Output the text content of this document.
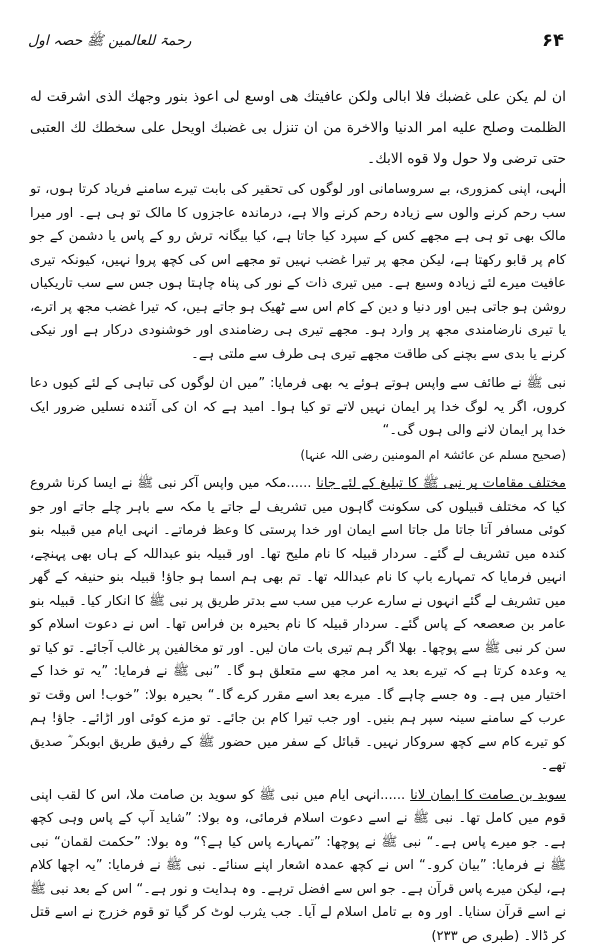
۶۴
رحمۃ للعالمین ﷺ حصہ اول

ان لم يكن على غضبك فلا ابالى ولكن عافيتك هى اوسع لى اعوذ بنور وجهك الذى اشرقت له الظلمت وصلح عليه امر الدنيا والاخرة من ان تنزل بى غضبك اويحل على سخطك لك العتبى حتى ترضى ولا حول ولا قوه الابك۔

الٰہی، اپنی کمزوری، بے سروسامانی اور لوگوں کی تحقیر کی بابت تیرے سامنے فریاد کرتا ہوں، تو سب رحم کرنے والوں سے زیادہ رحم کرنے والا ہے، درماندہ عاجزوں کا مالک تو ہی ہے۔ اور میرا مالک بھی تو ہی ہے مجھے کس کے سپرد کیا جاتا ہے، کیا بیگانہ ترش رو کے پاس یا دشمن کے جو کام پر قابو رکھتا ہے، لیکن مجھ پر تیرا غضب نہیں تو مجھے اس کی کچھ پروا نہیں، کیونکہ تیری عافیت میرے لئے زیادہ وسیع ہے۔ میں تیری ذات کے نور کی پناہ چاہتا ہوں جس سے سب تاریکیاں روشن ہو جاتی ہیں اور دنیا و دین کے کام اس سے ٹھیک ہو جاتے ہیں، کہ تیرا غضب مجھ پر اترے، یا تیری نارضامندی مجھ پر وارد ہو۔ مجھے تیری ہی رضامندی اور خوشنودی درکار ہے اور نیکی کرنے یا بدی سے بچنے کی طاقت مجھے تیری ہی طرف سے ملتی ہے۔

نبی ﷺ نے طائف سے واپس ہوتے ہوئے یہ بھی فرمایا: ”میں ان لوگوں کی تباہی کے لئے کیوں دعا کروں، اگر یہ لوگ خدا پر ایمان نہیں لاتے تو کیا ہوا۔ امید ہے کہ ان کی آئندہ نسلیں ضرور ایک خدا پر ایمان لانے والی ہوں گی۔“

(صحیح مسلم عن عائشۃ ام المومنین رضی اللہ عنہا)

مختلف مقامات پر نبی ﷺ کا تبلیغ کے لئے جانا ......مکہ میں واپس آکر نبی ﷺ نے ایسا کرنا شروع کیا کہ مختلف قبیلوں کی سکونت گاہوں میں تشریف لے جاتے یا مکہ سے باہر چلے جاتے اور جو کوئی مسافر آتا جاتا مل جاتا اسے ایمان اور خدا پرستی کا وعظ فرماتے۔ انہی ایام میں قبیلہ بنو کندہ میں تشریف لے گئے۔ سردار قبیلہ کا نام ملیح تھا۔ اور قبیلہ بنو عبداللہ کے ہاں بھی پہنچے، انہیں فرمایا کہ تمہارے باپ کا نام عبداللہ تھا۔ تم بھی ہم اسما ہو جاؤ! قبیلہ بنو حنیفہ کے گھر میں تشریف لے گئے انہوں نے سارے عرب میں سب سے بدتر طریق پر نبی ﷺ کا انکار کیا۔ قبیلہ بنو عامر بن صعصعہ کے پاس گئے۔ سردار قبیلہ کا نام بحیرہ بن فراس تھا۔ اس نے دعوت اسلام کو سن کر نبی ﷺ سے پوچھا۔ بھلا اگر ہم تیری بات مان لیں۔ اور تو مخالفین پر غالب آجائے۔ تو کیا تو یہ وعدہ کرتا ہے کہ تیرے بعد یہ امر مجھ سے متعلق ہو گا۔ ”نبی ﷺ نے فرمایا: ”یہ تو خدا کے اختیار میں ہے۔ وہ جسے چاہے گا۔ میرے بعد اسے مقرر کرے گا۔“ بحیرہ بولا: ”خوب! اس وقت تو عرب کے سامنے سینہ سپر ہم بنیں۔ اور جب تیرا کام بن جائے۔ تو مزے کوئی اور اڑائے۔ جاؤ! ہم کو تیرے کام سے کچھ سروکار نہیں۔ قبائل کے سفر میں حضور ﷺ کے رفیق طریق ابوبکر ؓ صدیق تھے۔

سوید بن صامت کا ایمان لانا ......انہی ایام میں نبی ﷺ کو سوید بن صامت ملا، اس کا لقب اپنی قوم میں کامل تھا۔ نبی ﷺ نے اسے دعوت اسلام فرمائی، وہ بولا: ”شاید آپ کے پاس وہی کچھ ہے۔ جو میرے پاس ہے۔“ نبی ﷺ نے پوچھا: ”تمہارے پاس کیا ہے؟“ وہ بولا: ”حکمت لقمان“ نبی ﷺ نے فرمایا: ”بیان کرو۔“ اس نے کچھ عمدہ اشعار اپنے سنائے۔ نبی ﷺ نے فرمایا: ”یہ اچھا کلام ہے، لیکن میرے پاس قرآن ہے۔ جو اس سے افضل ترہے۔ وہ ہدایت و نور ہے۔“ اس کے بعد نبی ﷺ نے اسے قرآن سنایا۔ اور وہ بے تامل اسلام لے آیا۔ جب یثرب لوٹ کر گیا تو قوم خزرج نے اسے قتل کر ڈالا۔ (طبری ص ۲۳۳)
